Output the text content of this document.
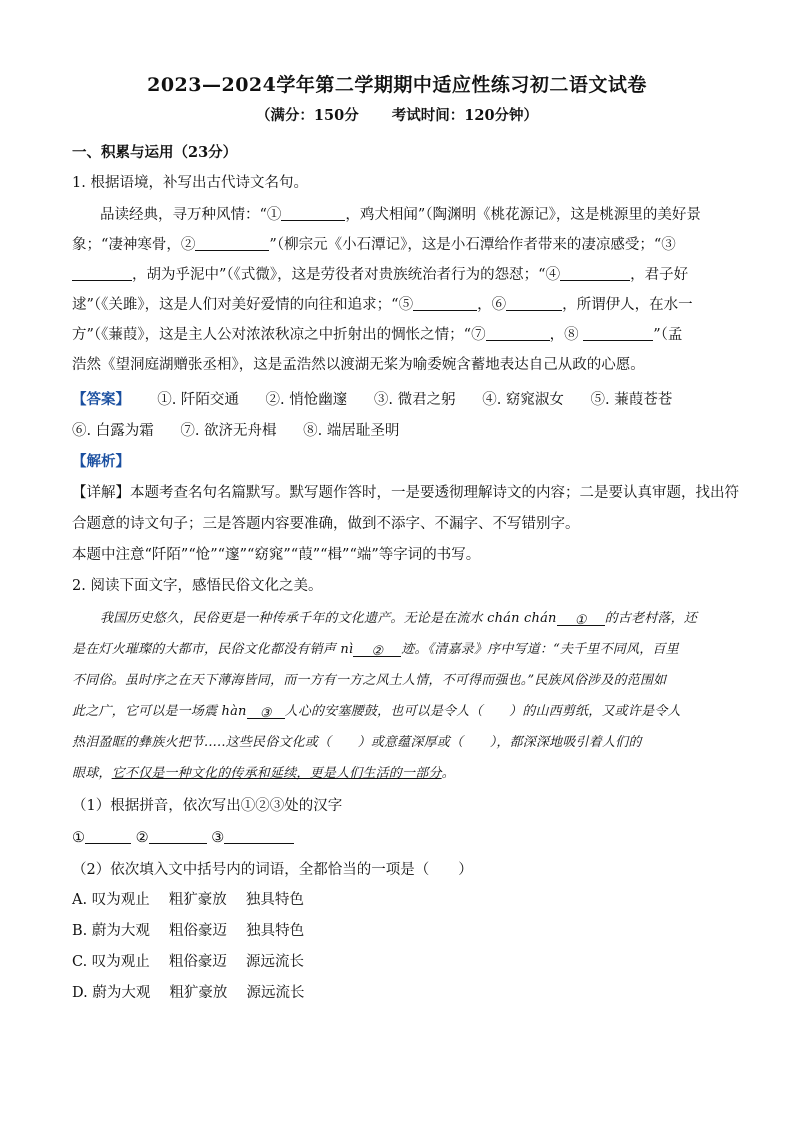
2023—2024学年第二学期期中适应性练习初二语文试卷
（满分：150分 考试时间：120分钟）
一、积累与运用（23分）
1. 根据语境，补写出古代诗文名句。
品读经典，寻万种风情：“①	，鸡犬相闻”（陶渊明《桃花源记》，这是桃源里的美好景
象；“凄神寒骨，②	”（柳宗元《小石潭记》，这是小石潭给作者带来的凄凉感受；“③
，胡为乎泥中”（《式微》，这是劳役者对贵族统治者行为的怨怼；“④	，君子好
逑”（《关雎》，这是人们对美好爱情的向往和追求；“⑤	，⑥	，所谓伊人，在水一
方”（《蒹葭》，这是主人公对浓浓秋凉之中折射出的惆怅之情；“⑦	，⑧	”（孟
浩然《望洞庭湖赠张丞相》，这是孟浩然以渡湖无桨为喻委婉含蓄地表达自己从政的心愿。
【答案】 ①. 阡陌交通 ②. 悄怆幽邃 ③. 微君之躬 ④. 窈窕淑女 ⑤. 蒹葭苍苍
⑥. 白露为霜 ⑦. 欲济无舟楫 ⑧. 端居耻圣明
【解析】
【详解】本题考查名句名篇默写。默写题作答时，一是要透彻理解诗文的内容；二是要认真审题，找出符
合题意的诗文句子；三是答题内容要准确，做到不添字、不漏字、不写错别字。
本题中注意“阡陌”“怆”“邃”“窈窕”“葭”“楫”“端”等字词的书写。
2. 阅读下面文字，感悟民俗文化之美。
我国历史悠久，民俗更是一种传承千年的文化遗产。无论是在流水 chán chán ① 的古老村落，还
是在灯火璀璨的大都市，民俗文化都没有销声 nì ② 迹。《清嘉录》序中写道：“夫千里不同风，百里
不同俗。虽时序之在天下薄海皆同，而一方有一方之风土人情，不可得而强也。”民族风俗涉及的范围如
此之广，它可以是一场震 hàn ③ 人心的安塞腰鼓，也可以是令人（　　）的山西剪纸，又或许是令人
热泪盈眶的彝族火把节.....这些民俗文化或（　　）或意蕴深厚或（　　），都深深地吸引着人们的
眼球，它不仅是一种文化的传承和延续，更是人们生活的一部分。
（1）根据拼音，依次写出①②③处的汉字
①	②	③
（2）依次填入文中括号内的词语，全都恰当的一项是（　　）
A. 叹为观止　 粗犷豪放　 独具特色
B. 蔚为大观　 粗俗豪迈　 独具特色
C. 叹为观止　 粗俗豪迈　 源远流长
D. 蔚为大观　 粗犷豪放　 源远流长
